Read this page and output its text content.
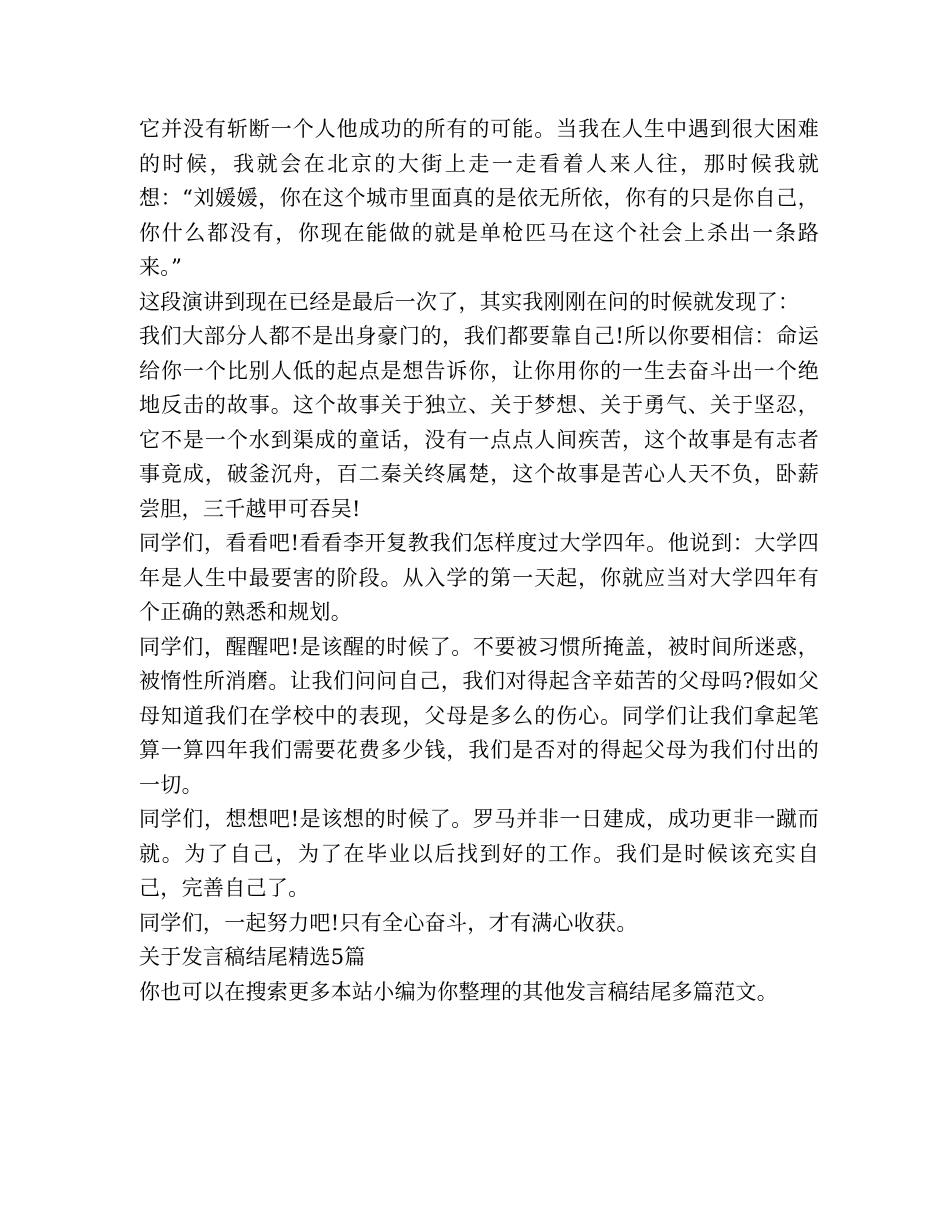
它并没有斩断一个人他成功的所有的可能。当我在人生中遇到很大困难的时候，我就会在北京的大街上走一走看着人来人往，那时候我就想：“刘媛媛，你在这个城市里面真的是依无所依，你有的只是你自己，你什么都没有，你现在能做的就是单枪匹马在这个社会上杀出一条路来。”

这段演讲到现在已经是最后一次了，其实我刚刚在问的时候就发现了：

我们大部分人都不是出身豪门的，我们都要靠自己!所以你要相信：命运给你一个比别人低的起点是想告诉你，让你用你的一生去奋斗出一个绝地反击的故事。这个故事关于独立、关于梦想、关于勇气、关于坚忍，它不是一个水到渠成的童话，没有一点点人间疾苦，这个故事是有志者事竟成，破釜沉舟，百二秦关终属楚，这个故事是苦心人天不负，卧薪尝胆，三千越甲可吞吴!

同学们，看看吧!看看李开复教我们怎样度过大学四年。他说到：大学四年是人生中最要害的阶段。从入学的第一天起，你就应当对大学四年有个正确的熟悉和规划。

同学们，醒醒吧!是该醒的时候了。不要被习惯所掩盖，被时间所迷惑，被惰性所消磨。让我们问问自己，我们对得起含辛茹苦的父母吗?假如父母知道我们在学校中的表现，父母是多么的伤心。同学们让我们拿起笔算一算四年我们需要花费多少钱，我们是否对的得起父母为我们付出的一切。

同学们，想想吧!是该想的时候了。罗马并非一日建成，成功更非一蹴而就。为了自己，为了在毕业以后找到好的工作。我们是时候该充实自己，完善自己了。

同学们，一起努力吧!只有全心奋斗，才有满心收获。

关于发言稿结尾精选5篇

你也可以在搜索更多本站小编为你整理的其他发言稿结尾多篇范文。
